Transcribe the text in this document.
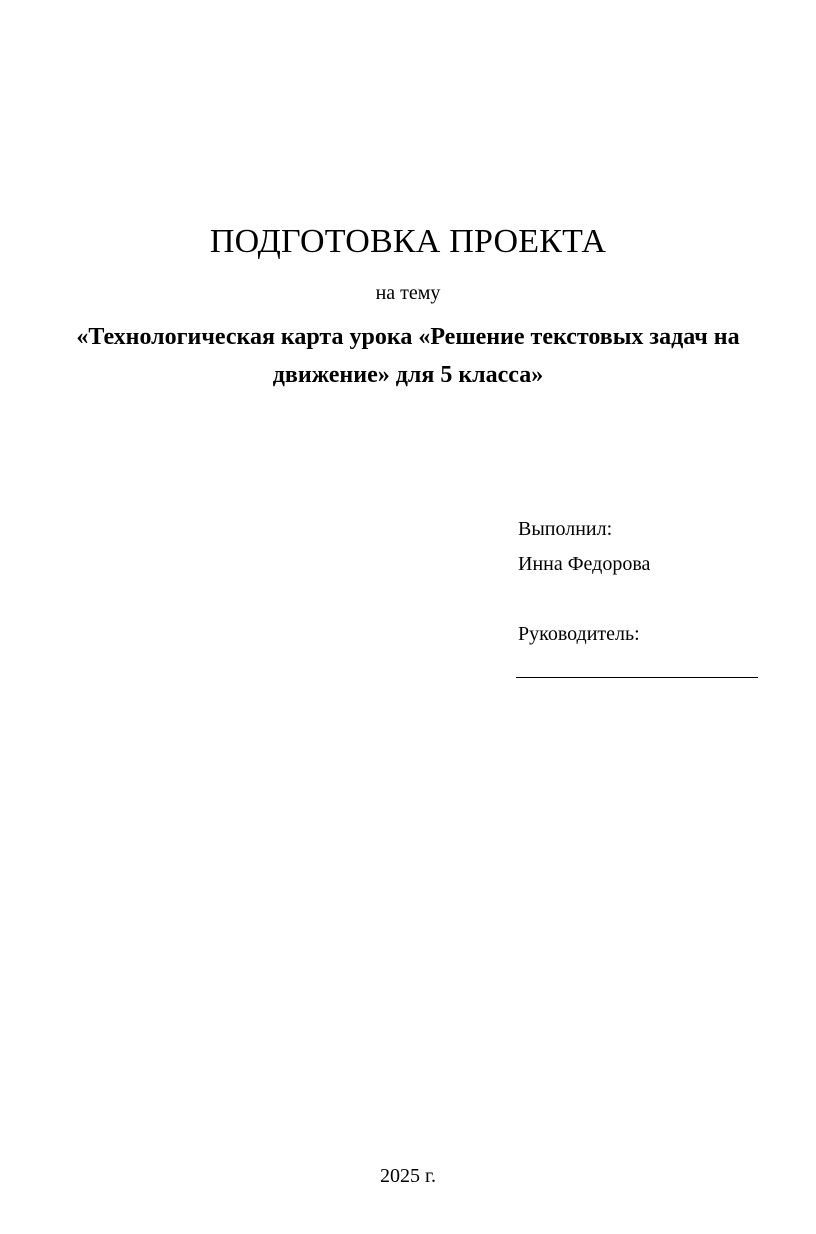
ПОДГОТОВКА ПРОЕКТА
на тему
«Технологическая карта урока «Решение текстовых задач на
движение» для 5 класса»
Выполнил:
Инна Федорова
Руководитель:
2025 г.
